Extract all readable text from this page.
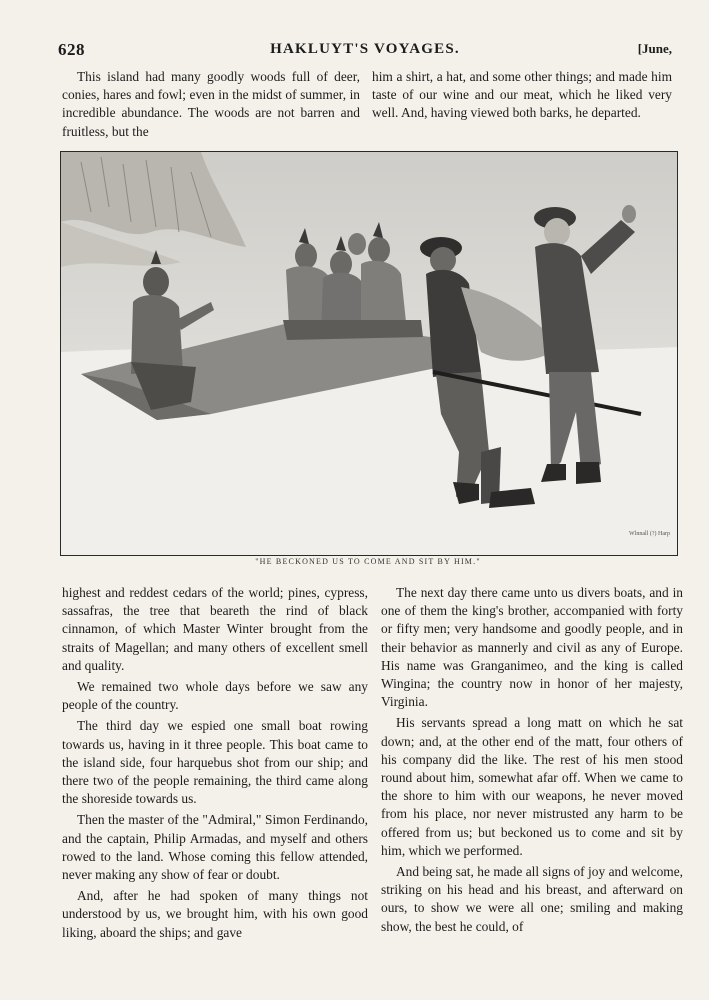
628	HAKLUYT'S VOYAGES.	[June,

This island had many goodly woods full of deer, conies, hares and fowl; even in the midst of summer, in incredible abundance. The woods are not barren and fruitless, but the

him a shirt, a hat, and some other things; and made him taste of our wine and our meat, which he liked very well. And, having viewed both barks, he departed.

Wlnnall (?) Harp
"HE BECKONED US TO COME AND SIT BY HIM."

highest and reddest cedars of the world; pines, cypress, sassafras, the tree that beareth the rind of black cinnamon, of which Master Winter brought from the straits of Magellan; and many others of excellent smell and quality.

We remained two whole days before we saw any people of the country.

The third day we espied one small boat rowing towards us, having in it three people. This boat came to the island side, four harquebus shot from our ship; and there two of the people remaining, the third came along the shoreside towards us.

Then the master of the "Admiral," Simon Ferdinando, and the captain, Philip Armadas, and myself and others rowed to the land. Whose coming this fellow attended, never making any show of fear or doubt.

And, after he had spoken of many things not understood by us, we brought him, with his own good liking, aboard the ships; and gave

The next day there came unto us divers boats, and in one of them the king's brother, accompanied with forty or fifty men; very handsome and goodly people, and in their behavior as mannerly and civil as any of Europe. His name was Granganimeo, and the king is called Wingina; the country now in honor of her majesty, Virginia.

His servants spread a long matt on which he sat down; and, at the other end of the matt, four others of his company did the like. The rest of his men stood round about him, somewhat afar off. When we came to the shore to him with our weapons, he never moved from his place, nor never mistrusted any harm to be offered from us; but beckoned us to come and sit by him, which we performed.

And being sat, he made all signs of joy and welcome, striking on his head and his breast, and afterward on ours, to show we were all one; smiling and making show, the best he could, of
